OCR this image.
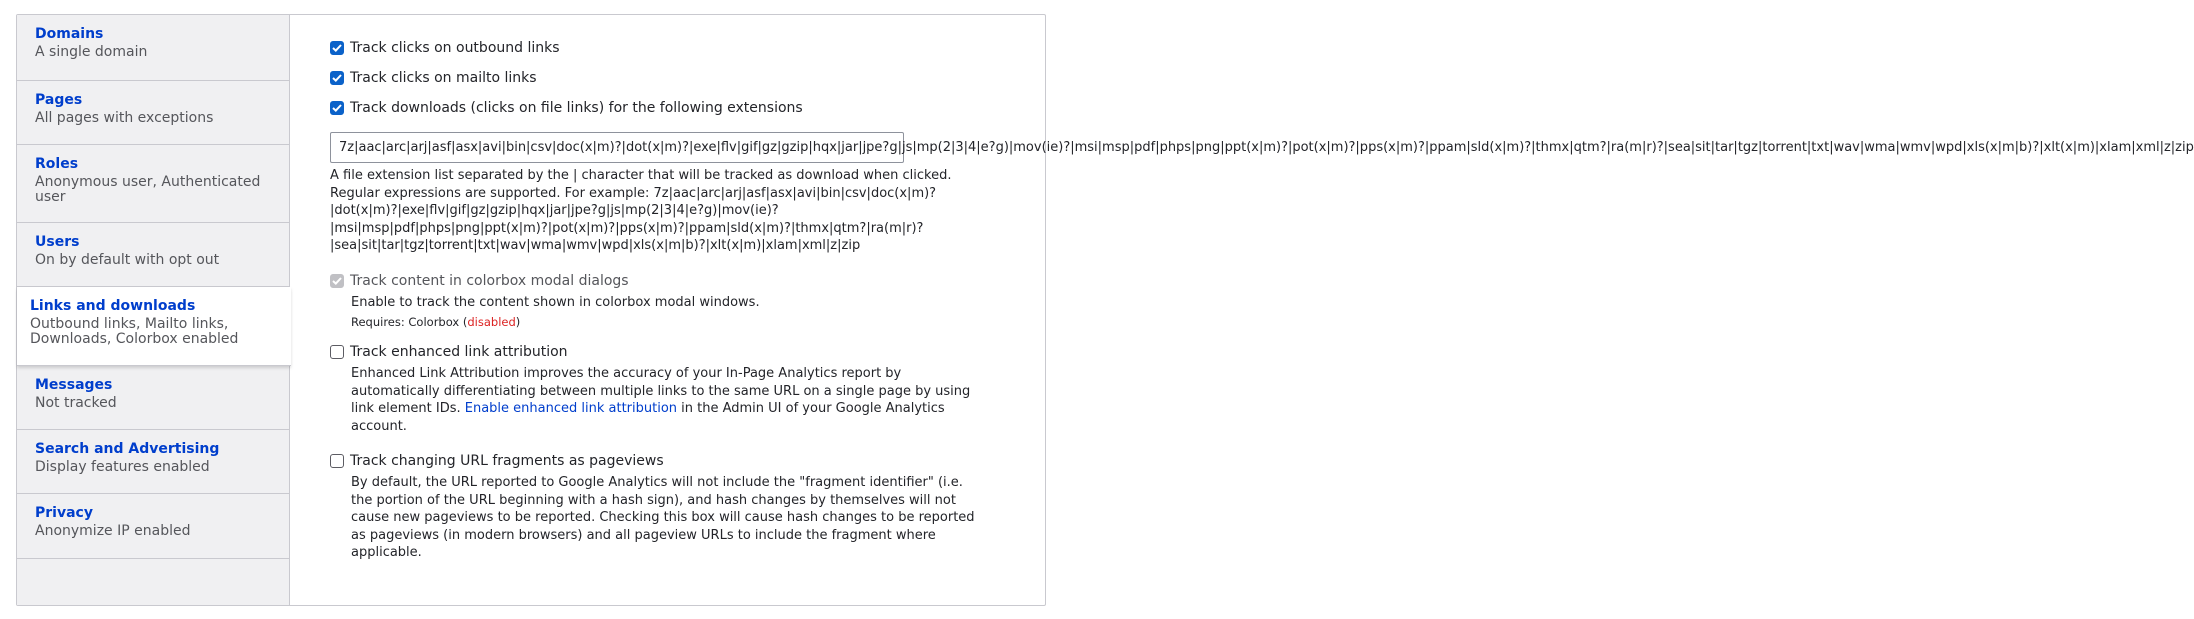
Domains
A single domain
Pages
All pages with exceptions
Roles
Anonymous user, Authenticated user
Users
On by default with opt out
Links and downloads
Outbound links, Mailto links, Downloads, Colorbox enabled
Messages
Not tracked
Search and Advertising
Display features enabled
Privacy
Anonymize IP enabled
Track clicks on outbound links
Track clicks on mailto links
Track downloads (clicks on file links) for the following extensions
7z|aac|arc|arj|asf|asx|avi|bin|csv|doc(x|m)?|dot(x|m)?|exe|flv|gif|gz|gzip|hqx|jar|jpe?g|js|mp(2|3|4|e?g)|mov(ie)?|msi|msp|pdf|phps|png|ppt(x|m)?|pot(x|m)?|pps(x|m)?|ppam|sld(x|m)?|thmx|qtm?|ra(m|r)?|sea|sit|tar|tgz|torrent|txt|wav|wma|wmv|wpd|xls(x|m|b)?|xlt(x|m)|xlam|xml|z|zip
A file extension list separated by the | character that will be tracked as download when clicked.
Regular expressions are supported. For example: 7z|aac|arc|arj|asf|asx|avi|bin|csv|doc(x|m)?
|dot(x|m)?|exe|flv|gif|gz|gzip|hqx|jar|jpe?g|js|mp(2|3|4|e?g)|mov(ie)?
|msi|msp|pdf|phps|png|ppt(x|m)?|pot(x|m)?|pps(x|m)?|ppam|sld(x|m)?|thmx|qtm?|ra(m|r)?
|sea|sit|tar|tgz|torrent|txt|wav|wma|wmv|wpd|xls(x|m|b)?|xlt(x|m)|xlam|xml|z|zip
Track content in colorbox modal dialogs
Enable to track the content shown in colorbox modal windows.
Requires: Colorbox (disabled)
Track enhanced link attribution
Enhanced Link Attribution improves the accuracy of your In-Page Analytics report by
automatically differentiating between multiple links to the same URL on a single page by using
link element IDs. Enable enhanced link attribution in the Admin UI of your Google Analytics
account.
Track changing URL fragments as pageviews
By default, the URL reported to Google Analytics will not include the "fragment identifier" (i.e.
the portion of the URL beginning with a hash sign), and hash changes by themselves will not
cause new pageviews to be reported. Checking this box will cause hash changes to be reported
as pageviews (in modern browsers) and all pageview URLs to include the fragment where
applicable.
